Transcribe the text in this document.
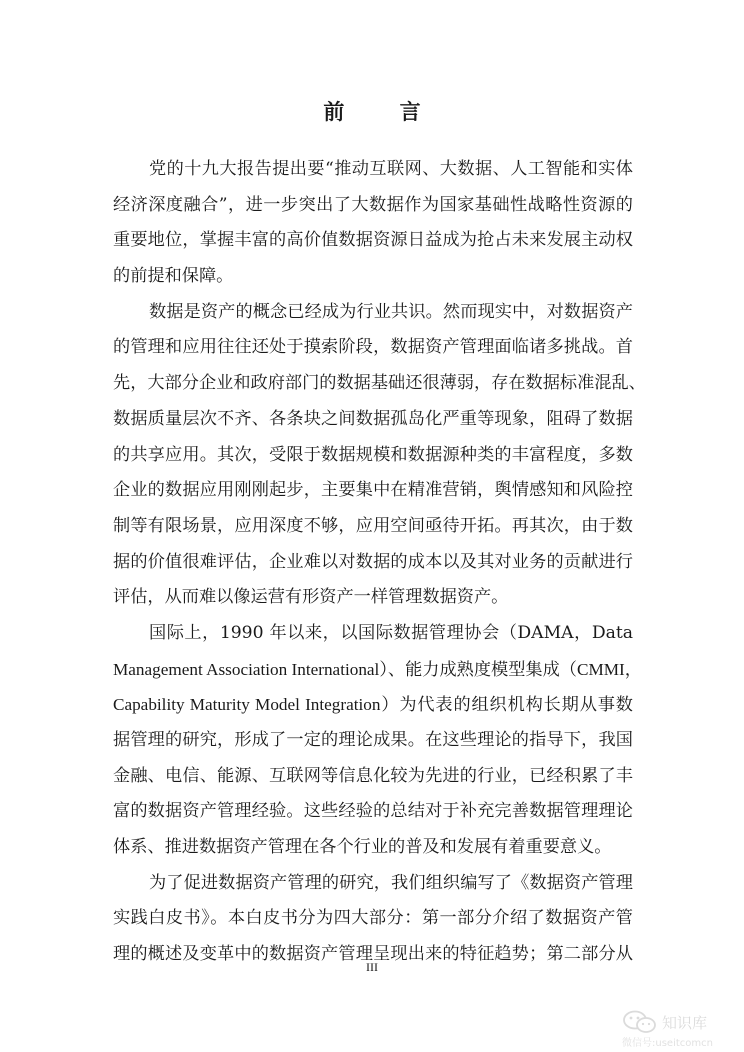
前 言
党的十九大报告提出要“推动互联网、大数据、人工智能和实体
经济深度融合”，进一步突出了大数据作为国家基础性战略性资源的
重要地位，掌握丰富的高价值数据资源日益成为抢占未来发展主动权
的前提和保障。
数据是资产的概念已经成为行业共识。然而现实中，对数据资产
的管理和应用往往还处于摸索阶段，数据资产管理面临诸多挑战。首
先，大部分企业和政府部门的数据基础还很薄弱，存在数据标准混乱、
数据质量层次不齐、各条块之间数据孤岛化严重等现象，阻碍了数据
的共享应用。其次，受限于数据规模和数据源种类的丰富程度，多数
企业的数据应用刚刚起步，主要集中在精准营销，舆情感知和风险控
制等有限场景，应用深度不够，应用空间亟待开拓。再其次，由于数
据的价值很难评估，企业难以对数据的成本以及其对业务的贡献进行
评估，从而难以像运营有形资产一样管理数据资产。
国际上，1990 年以来，以国际数据管理协会（DAMA，Data
Management Association International）、能力成熟度模型集成（CMMI，
Capability Maturity Model Integration）为代表的组织机构长期从事数
据管理的研究，形成了一定的理论成果。在这些理论的指导下，我国
金融、电信、能源、互联网等信息化较为先进的行业，已经积累了丰
富的数据资产管理经验。这些经验的总结对于补充完善数据管理理论
体系、推进数据资产管理在各个行业的普及和发展有着重要意义。
为了促进数据资产管理的研究，我们组织编写了《数据资产管理
实践白皮书》。本白皮书分为四大部分：第一部分介绍了数据资产管
理的概述及变革中的数据资产管理呈现出来的特征趋势；第二部分从
III
知识库
微信号:useitcomcn
